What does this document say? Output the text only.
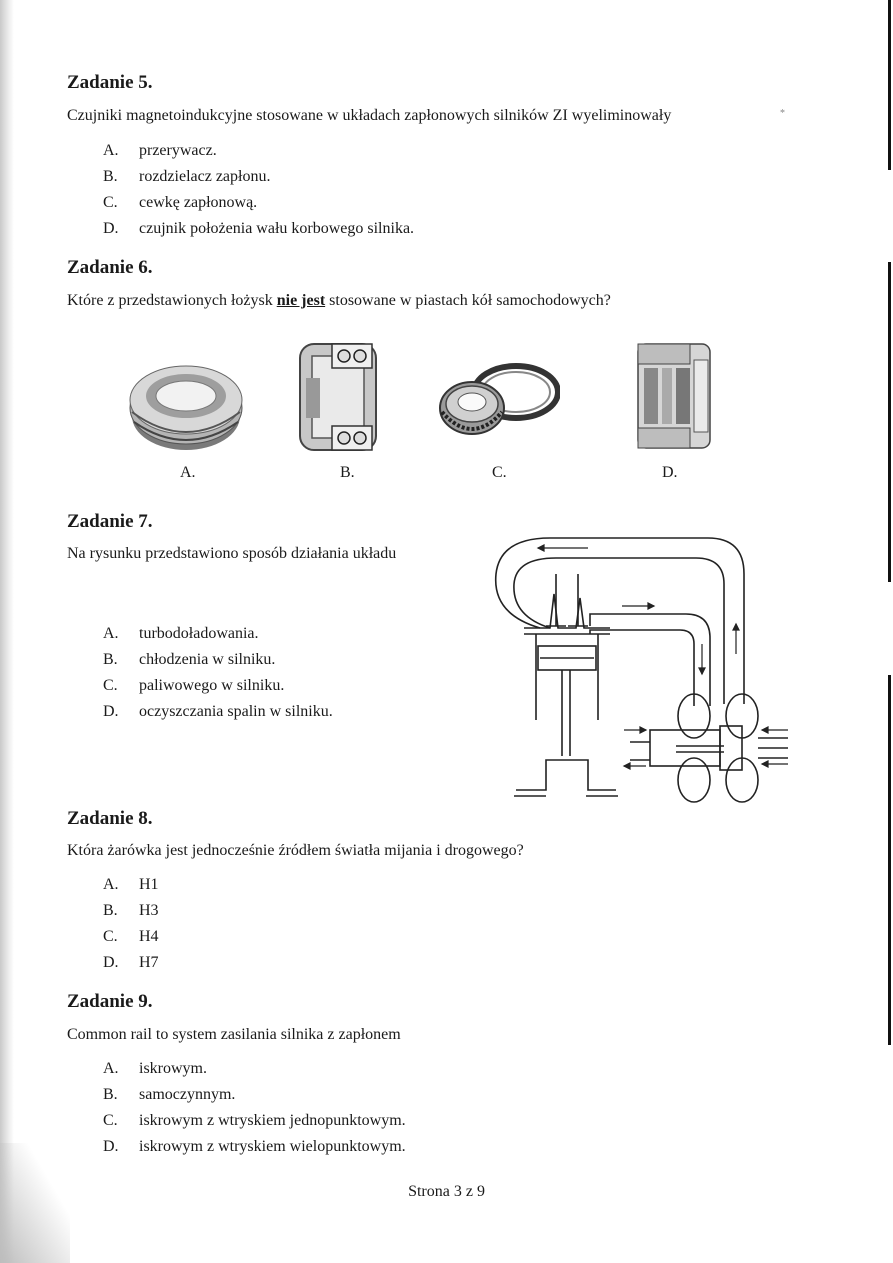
*
Zadanie 5.
Czujniki magnetoindukcyjne stosowane w układach zapłonowych silników ZI wyeliminowały
A. przerywacz.
B. rozdzielacz zapłonu.
C. cewkę zapłonową.
D. czujnik położenia wału korbowego silnika.
Zadanie 6.
Które z przedstawionych łożysk nie jest stosowane w piastach kół samochodowych?
A.	B.	C.	D.
Zadanie 7.
Na rysunku przedstawiono sposób działania układu
A. turbodoładowania.
B. chłodzenia w silniku.
C. paliwowego w silniku.
D. oczyszczania spalin w silniku.
Zadanie 8.
Która żarówka jest jednocześnie źródłem światła mijania i drogowego?
A. H1
B. H3
C. H4
D. H7
Zadanie 9.
Common rail to system zasilania silnika z zapłonem
A. iskrowym.
B. samoczynnym.
C. iskrowym z wtryskiem jednopunktowym.
D. iskrowym z wtryskiem wielopunktowym.
Strona 3 z 9
